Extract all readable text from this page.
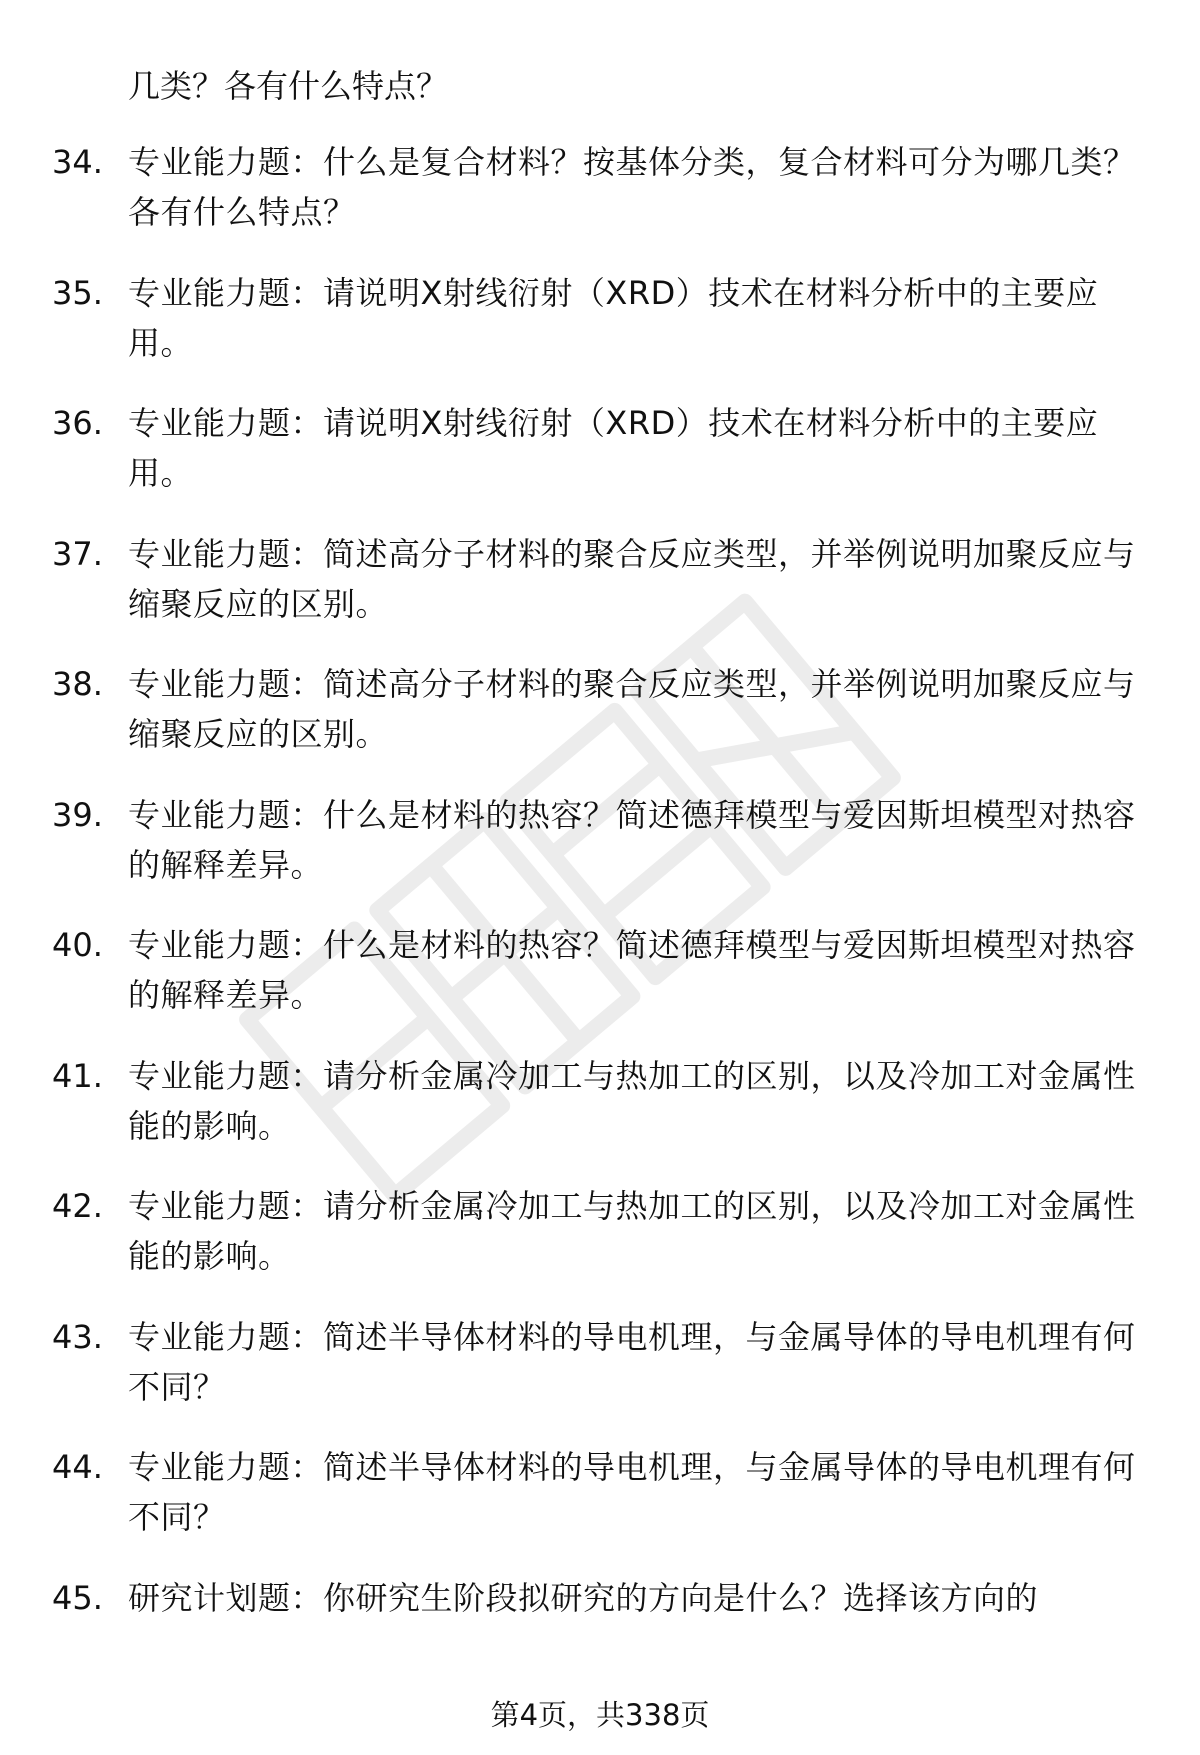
几类？各有什么特点？
34. 专业能力题：什么是复合材料？按基体分类，复合材料可分为哪几类？各有什么特点？
35. 专业能力题：请说明X射线衍射（XRD）技术在材料分析中的主要应用。
36. 专业能力题：请说明X射线衍射（XRD）技术在材料分析中的主要应用。
37. 专业能力题：简述高分子材料的聚合反应类型，并举例说明加聚反应与缩聚反应的区别。
38. 专业能力题：简述高分子材料的聚合反应类型，并举例说明加聚反应与缩聚反应的区别。
39. 专业能力题：什么是材料的热容？简述德拜模型与爱因斯坦模型对热容的解释差异。
40. 专业能力题：什么是材料的热容？简述德拜模型与爱因斯坦模型对热容的解释差异。
41. 专业能力题：请分析金属冷加工与热加工的区别，以及冷加工对金属性能的影响。
42. 专业能力题：请分析金属冷加工与热加工的区别，以及冷加工对金属性能的影响。
43. 专业能力题：简述半导体材料的导电机理，与金属导体的导电机理有何不同？
44. 专业能力题：简述半导体材料的导电机理，与金属导体的导电机理有何不同？
45. 研究计划题：你研究生阶段拟研究的方向是什么？选择该方向的
第4页，共338页
